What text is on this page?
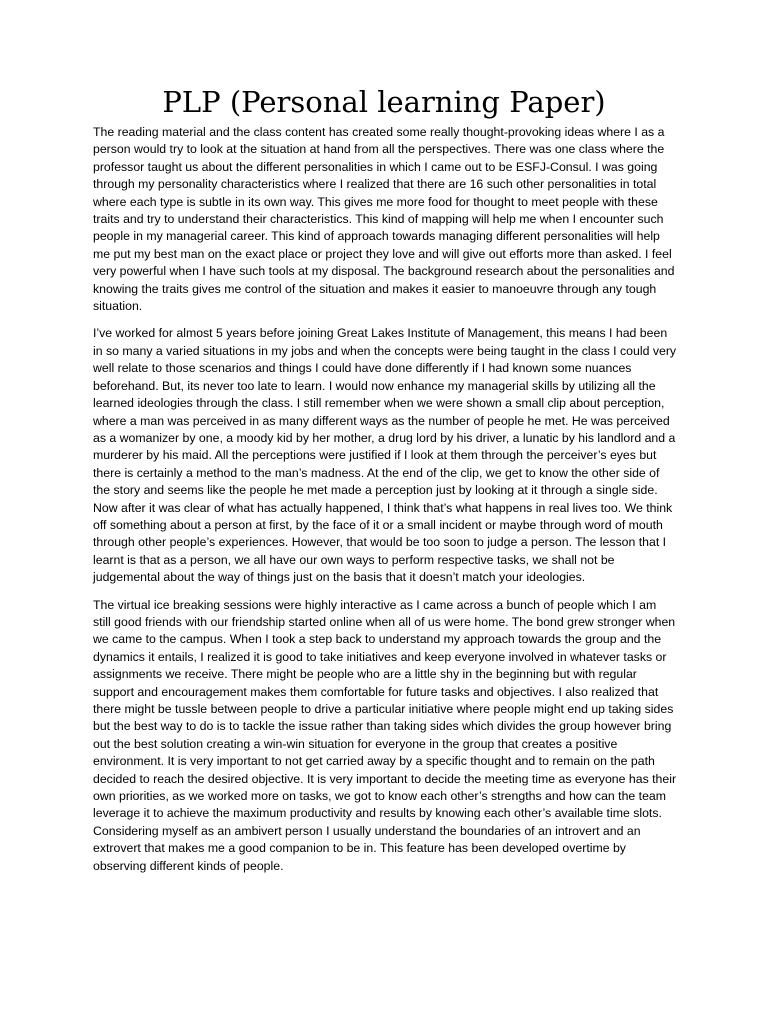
PLP (Personal learning Paper)

The reading material and the class content has created some really thought-provoking ideas where I as a person would try to look at the situation at hand from all the perspectives. There was one class where the professor taught us about the different personalities in which I came out to be ESFJ-Consul. I was going through my personality characteristics where I realized that there are 16 such other personalities in total where each type is subtle in its own way. This gives me more food for thought to meet people with these traits and try to understand their characteristics. This kind of mapping will help me when I encounter such people in my managerial career. This kind of approach towards managing different personalities will help me put my best man on the exact place or project they love and will give out efforts more than asked. I feel very powerful when I have such tools at my disposal. The background research about the personalities and knowing the traits gives me control of the situation and makes it easier to manoeuvre through any tough situation.

I’ve worked for almost 5 years before joining Great Lakes Institute of Management, this means I had been in so many a varied situations in my jobs and when the concepts were being taught in the class I could very well relate to those scenarios and things I could have done differently if I had known some nuances beforehand. But, its never too late to learn. I would now enhance my managerial skills by utilizing all the learned ideologies through the class. I still remember when we were shown a small clip about perception, where a man was perceived in as many different ways as the number of people he met. He was perceived as a womanizer by one, a moody kid by her mother, a drug lord by his driver, a lunatic by his landlord and a murderer by his maid. All the perceptions were justified if I look at them through the perceiver’s eyes but there is certainly a method to the man’s madness. At the end of the clip, we get to know the other side of the story and seems like the people he met made a perception just by looking at it through a single side. Now after it was clear of what has actually happened, I think that’s what happens in real lives too. We think off something about a person at first, by the face of it or a small incident or maybe through word of mouth through other people’s experiences. However, that would be too soon to judge a person. The lesson that I learnt is that as a person, we all have our own ways to perform respective tasks, we shall not be judgemental about the way of things just on the basis that it doesn’t match your ideologies.

The virtual ice breaking sessions were highly interactive as I came across a bunch of people which I am still good friends with our friendship started online when all of us were home. The bond grew stronger when we came to the campus. When I took a step back to understand my approach towards the group and the dynamics it entails, I realized it is good to take initiatives and keep everyone involved in whatever tasks or assignments we receive. There might be people who are a little shy in the beginning but with regular support and encouragement makes them comfortable for future tasks and objectives. I also realized that there might be tussle between people to drive a particular initiative where people might end up taking sides but the best way to do is to tackle the issue rather than taking sides which divides the group however bring out the best solution creating a win-win situation for everyone in the group that creates a positive environment. It is very important to not get carried away by a specific thought and to remain on the path decided to reach the desired objective. It is very important to decide the meeting time as everyone has their own priorities, as we worked more on tasks, we got to know each other’s strengths and how can the team leverage it to achieve the maximum productivity and results by knowing each other’s available time slots. Considering myself as an ambivert person I usually understand the boundaries of an introvert and an extrovert that makes me a good companion to be in. This feature has been developed overtime by observing different kinds of people.
